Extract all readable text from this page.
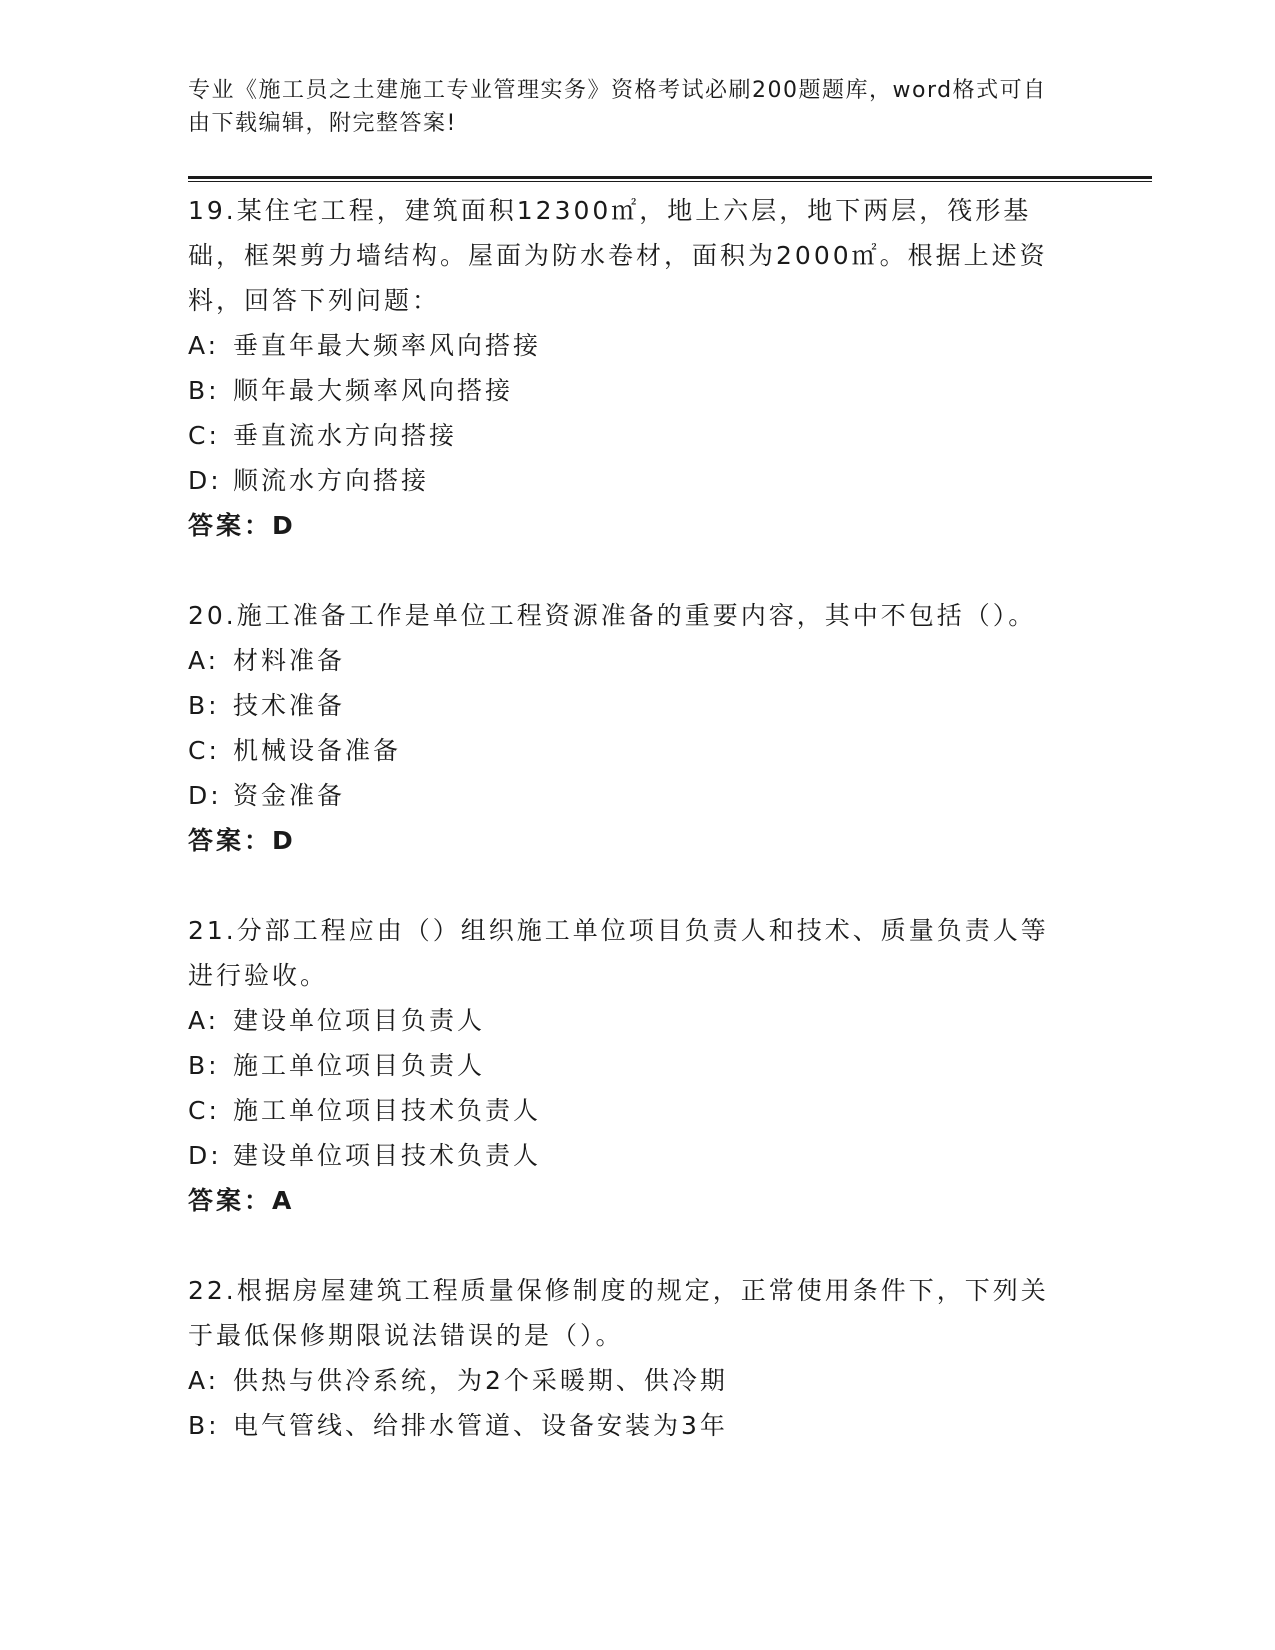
专业《施工员之土建施工专业管理实务》资格考试必刷200题题库，word格式可自由下载编辑，附完整答案!

19.某住宅工程，建筑面积12300㎡，地上六层，地下两层，筏形基础，框架剪力墙结构。屋面为防水卷材，面积为2000㎡。根据上述资料，回答下列问题：

A: 垂直年最大频率风向搭接

B: 顺年最大频率风向搭接

C: 垂直流水方向搭接

D: 顺流水方向搭接

答案：D

20.施工准备工作是单位工程资源准备的重要内容，其中不包括（）。

A: 材料准备

B: 技术准备

C: 机械设备准备

D: 资金准备

答案：D

21.分部工程应由（）组织施工单位项目负责人和技术、质量负责人等进行验收。

A: 建设单位项目负责人

B: 施工单位项目负责人

C: 施工单位项目技术负责人

D: 建设单位项目技术负责人

答案：A

22.根据房屋建筑工程质量保修制度的规定，正常使用条件下，下列关于最低保修期限说法错误的是（）。

A: 供热与供冷系统，为2个采暖期、供冷期

B: 电气管线、给排水管道、设备安装为3年
